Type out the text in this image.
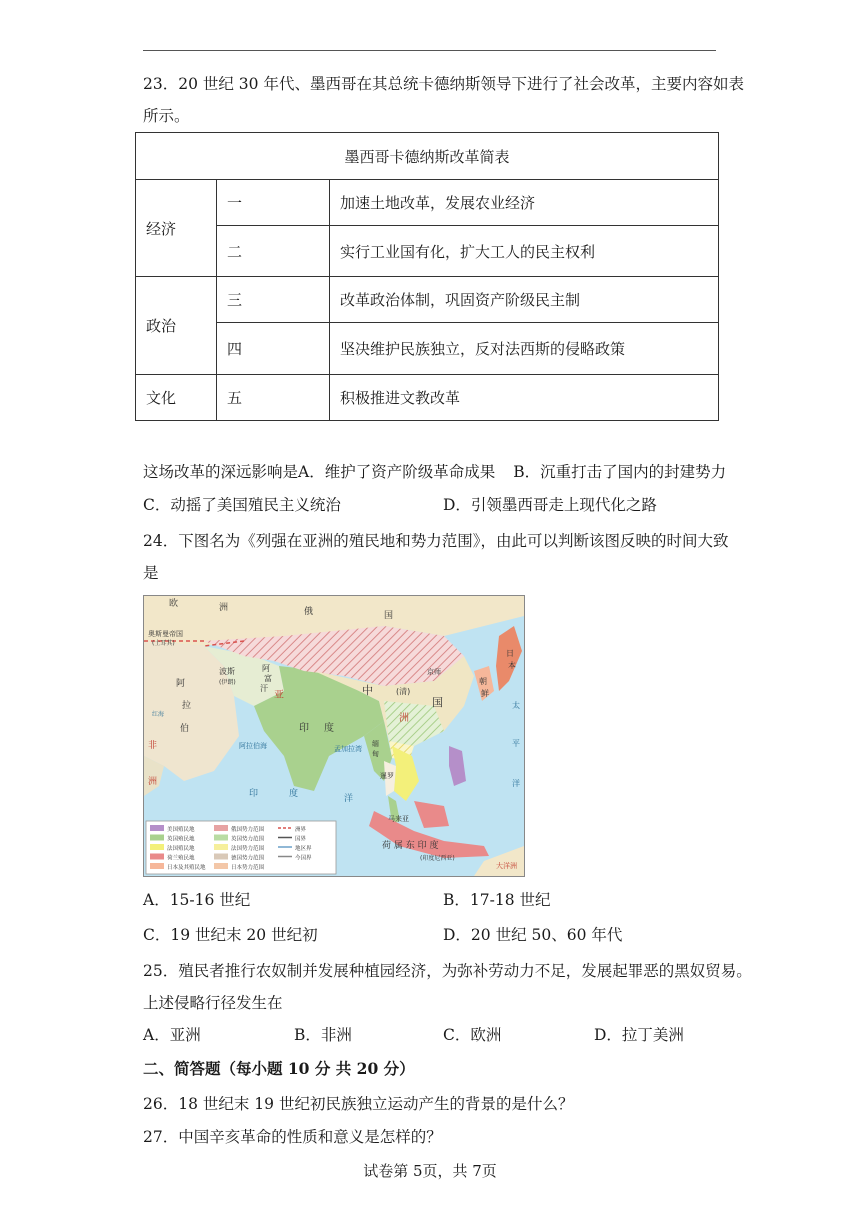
23．20 世纪 30 年代、墨西哥在其总统卡德纳斯领导下进行了社会改革，主要内容如表
所示。
墨西哥卡德纳斯改革简表		
经济	一	加速土地改革，发展农业经济
	二	实行工业国有化，扩大工人的民主权利
政治	三	改革政治体制，巩固资产阶级民主制
	四	坚决维护民族独立，反对法西斯的侵略政策
文化	五	积极推进文教改革
这场改革的深远影响是A．维护了资产阶级革命成果 B．沉重打击了国内的封建势力
C．动摇了美国殖民主义统治	D．引领墨西哥走上现代化之路
24．下图名为《列强在亚洲的殖民地和势力范围》，由此可以判断该图反映的时间大致
是
欧	洲	俄	国
奥斯曼帝国
(土耳其)
中	(清)
国
京师
朝
鲜
日
本
阿
拉
伯
波斯
(伊朗)
阿
富
汗
印 度
亚
洲
非
洲
缅
甸
暹罗
马来亚
荷 属 东 印 度
(印度尼西亚)
阿拉伯海	孟加拉湾
印	度	洋
太
平
洋
大洋洲
红海
美国殖民地
英国殖民地
法国殖民地
荷兰殖民地
日本及其殖民地
俄国势力范围
英国势力范围
法国势力范围
德国势力范围
日本势力范围
洲界
国界
地区界
今国界
A．15-16 世纪	B．17-18 世纪
C．19 世纪末 20 世纪初	D．20 世纪 50、60 年代
25．殖民者推行农奴制并发展种植园经济，为弥补劳动力不足，发展起罪恶的黑奴贸易。
上述侵略行径发生在
A．亚洲	B．非洲	C．欧洲	D．拉丁美洲
二、简答题（每小题 10 分 共 20 分）
26．18 世纪末 19 世纪初民族独立运动产生的背景的是什么？
27．中国辛亥革命的性质和意义是怎样的？
试卷第 5页，共 7页
